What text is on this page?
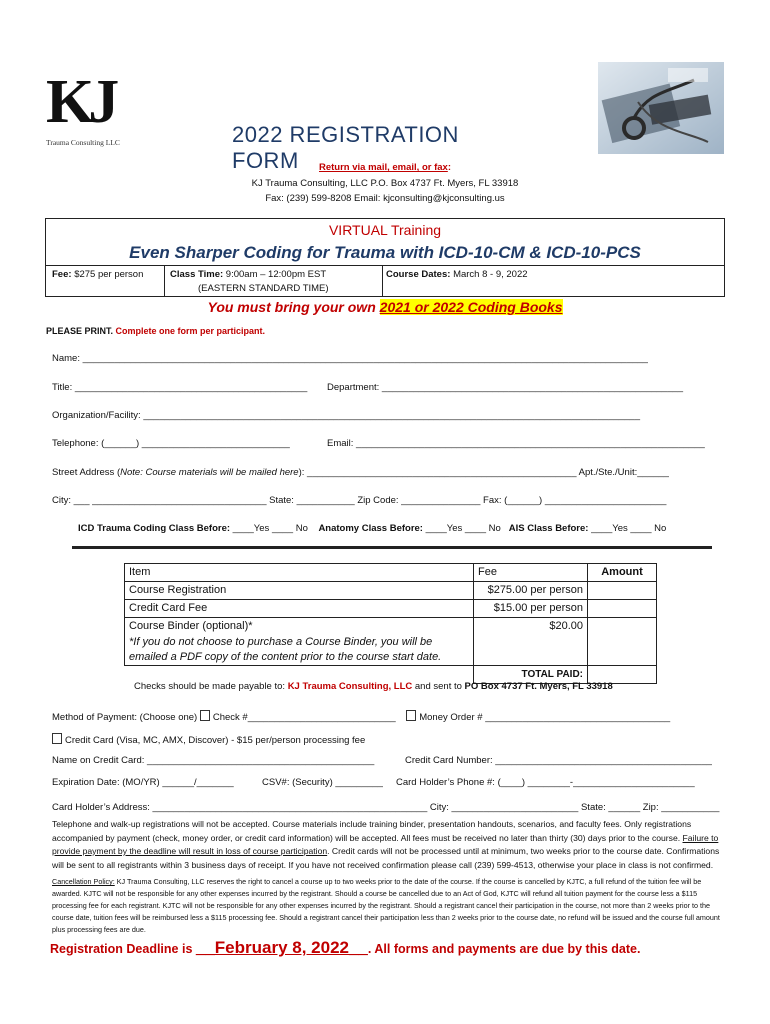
KJ
Trauma Consulting LLC	2022 REGISTRATION FORM	Return via mail, email, or fax:
KJ Trauma Consulting, LLC P.O. Box 4737 Ft. Myers, FL 33918
Fax: (239) 599-8208 Email: kjconsulting@kjconsulting.us
VIRTUAL Training
Even Sharper Coding for Trauma with ICD-10-CM & ICD-10-PCS
Fee: $275 per person	Class Time: 9:00am – 12:00pm EST
(EASTERN STANDARD TIME)
Course Dates: March 8 - 9, 2022
You must bring your own 2021 or 2022 Coding Books
PLEASE PRINT. Complete one form per participant.
Name: ___________________________________________________________________________________________________________
Title: ____________________________________________ Department: _________________________________________________________
Organization/Facility: ______________________________________________________________________________________________
Telephone: (______) ____________________________	Email: __________________________________________________________________
Street Address (Note: Course materials will be mailed here): ___________________________________________________ Apt./Ste./Unit:______
City: ___ _________________________________ State: ___________ Zip Code: _______________ Fax: (______) _______________________
ICD Trauma Coding Class Before: ____Yes ____ No Anatomy Class Before: ____Yes ____ No AIS Class Before: ____Yes ____ No
Item	Fee	Amount
Course Registration	$275.00 per person	
Credit Card Fee	$15.00 per person	

Course Binder (optional)*
*If you do not choose to purchase a Course Binder, you will be emailed a PDF copy of the content prior to the course start date.	$20.00	
	TOTAL PAID:	
Checks should be made payable to: KJ Trauma Consulting, LLC and sent to PO Box 4737 Ft. Myers, FL 33918
Method of Payment: (Choose one) Check #____________________________ Money Order # ___________________________________
Credit Card (Visa, MC, AMX, Discover) - $15 per/person processing fee
Name on Credit Card: ___________________________________________	Credit Card Number: _________________________________________
Expiration Date: (MO/YR) ______/_______	CSV#: (Security) _________ Card Holder’s Phone #: (____) ________-_______________________
Card Holder’s Address: ____________________________________________________ City: ________________________ State: ______ Zip: ___________
Telephone and walk-up registrations will not be accepted. Course materials include training binder, presentation handouts, scenarios, and faculty fees. Only registrations accompanied by payment (check, money order, or credit card information) will be accepted. All fees must be received no later than thirty (30) days prior to the course. Failure to provide payment by the deadline will result in loss of course participation. Credit cards will not be processed until at minimum, two weeks prior to the course date. Confirmations will be sent to all registrants within 3 business days of receipt. If you have not received confirmation please call (239) 599-4513, otherwise your place in class is not confirmed.
Cancellation Policy: KJ Trauma Consulting, LLC reserves the right to cancel a course up to two weeks prior to the date of the course. If the course is cancelled by KJTC, a full refund of the tuition fee will be awarded. KJTC will not be responsible for any other expenses incurred by the registrant. Should a course be cancelled due to an Act of God, KJTC will refund all tuition payment for the course less a $115 processing fee for each registrant. KJTC will not be responsible for any other expenses incurred by the registrant. Should a registrant cancel their participation in the course, not more than 2 weeks prior to the course date, tuition fees will be reimbursed less a $115 processing fee. Should a registrant cancel their participation less than 2 weeks prior to the course date, no refund will be issued and the course full amount plus processing fees are due.
Registration Deadline is __February 8, 2022__. All forms and payments are due by this date.
